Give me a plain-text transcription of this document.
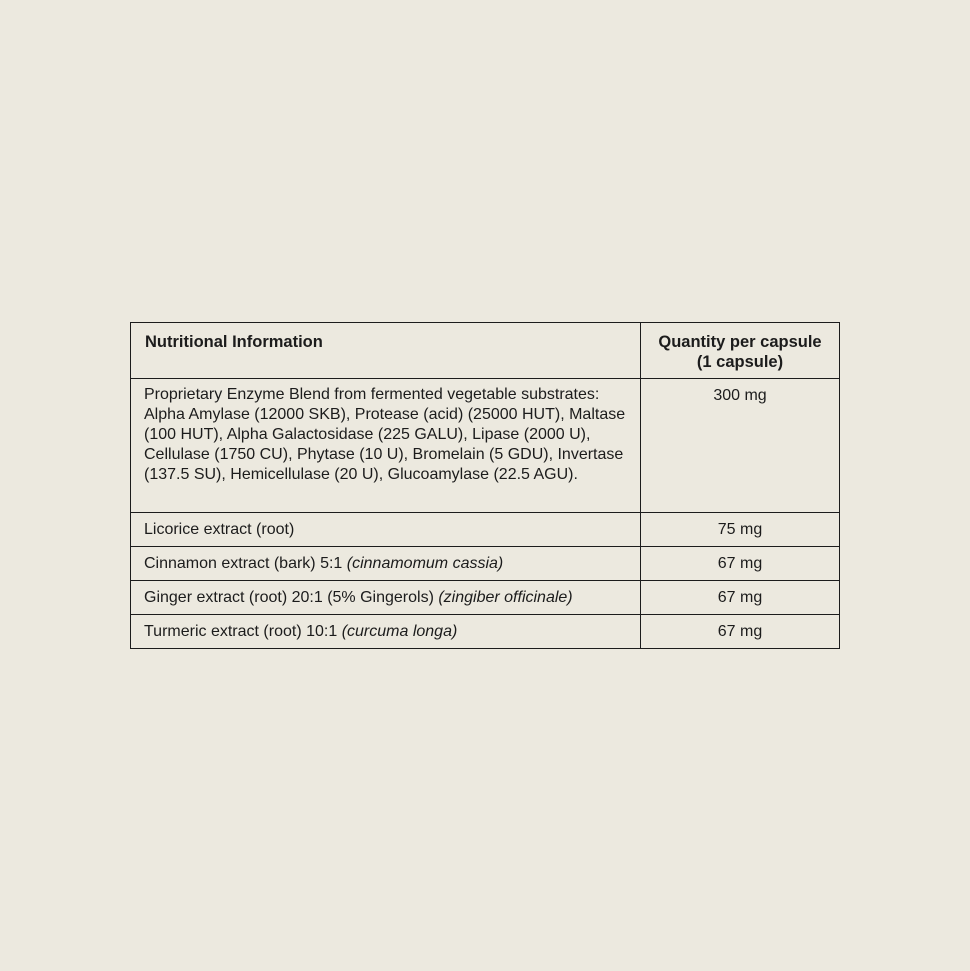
Nutritional Information	Quantity per capsule
(1 capsule)

Proprietary Enzyme Blend from fermented vegetable substrates: Alpha Amylase (12000 SKB), Protease (acid) (25000 HUT), Maltase (100 HUT), Alpha Galactosidase (225 GALU), Lipase (2000 U), Cellulase (1750 CU), Phytase (10 U), Bromelain (5 GDU), Invertase (137.5 SU), Hemicellulase (20 U), Glucoamylase (22.5 AGU).	300 mg
Licorice extract (root)	75 mg
Cinnamon extract (bark) 5:1 (cinnamomum cassia)	67 mg
Ginger extract (root) 20:1 (5% Gingerols) (zingiber officinale)	67 mg
Turmeric extract (root) 10:1 (curcuma longa)	67 mg
